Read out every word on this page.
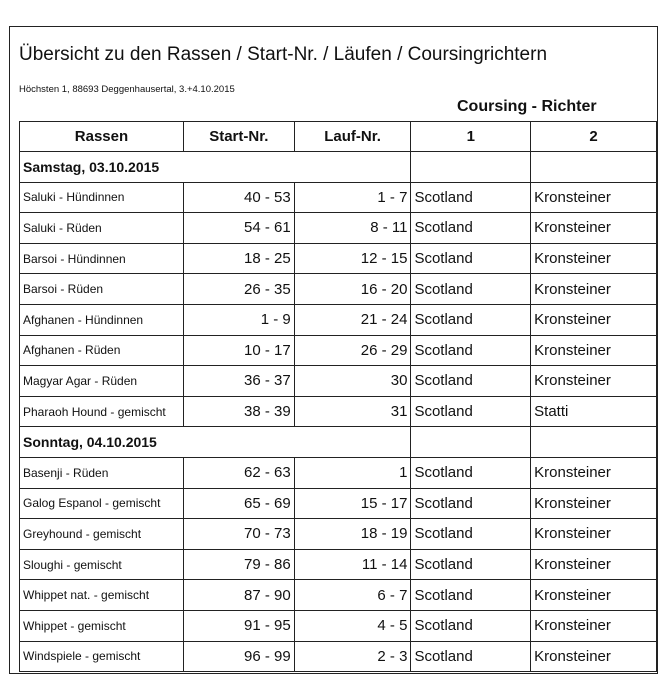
Übersicht zu den Rassen / Start-Nr. / Läufen / Coursingrichtern
Höchsten 1, 88693 Deggenhausertal, 3.+4.10.2015
Coursing - Richter
Rassen	Start-Nr.	Lauf-Nr.	1	2
Samstag, 03.10.2015				
Saluki - Hündinnen	40 - 53	1 - 7	Scotland	Kronsteiner
Saluki - Rüden	54 - 61	8 - 11	Scotland	Kronsteiner
Barsoi - Hündinnen	18 - 25	12 - 15	Scotland	Kronsteiner
Barsoi - Rüden	26 - 35	16 - 20	Scotland	Kronsteiner
Afghanen - Hündinnen	1 - 9	21 - 24	Scotland	Kronsteiner
Afghanen - Rüden	10 - 17	26 - 29	Scotland	Kronsteiner
Magyar Agar - Rüden	36 - 37	30	Scotland	Kronsteiner
Pharaoh Hound - gemischt	38 - 39	31	Scotland	Statti
Sonntag, 04.10.2015				
Basenji - Rüden	62 - 63	1	Scotland	Kronsteiner
Galog Espanol - gemischt	65 - 69	15 - 17	Scotland	Kronsteiner
Greyhound - gemischt	70 - 73	18 - 19	Scotland	Kronsteiner
Sloughi - gemischt	79 - 86	11 - 14	Scotland	Kronsteiner
Whippet nat. - gemischt	87 - 90	6 - 7	Scotland	Kronsteiner
Whippet - gemischt	91 - 95	4 - 5	Scotland	Kronsteiner
Windspiele - gemischt	96 - 99	2 - 3	Scotland	Kronsteiner
